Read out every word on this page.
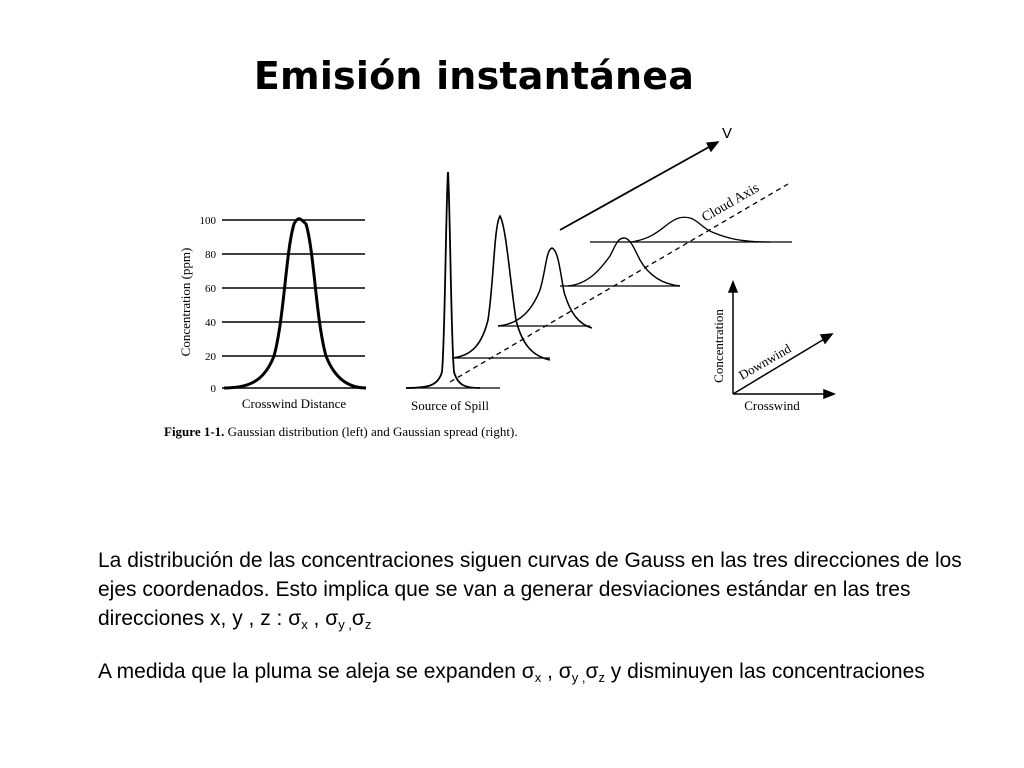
Emisión instantánea
100
80
60
40
20
0
Concentration (ppm)
Crosswind Distance
V
Cloud Axis
Source of Spill
Concentration Downwind
Crosswind
Figure 1-1. Gaussian distribution (left) and Gaussian spread (right).
La distribución de las concentraciones siguen curvas de Gauss en las tres direcciones de los ejes coordenados. Esto implica que se van a generar desviaciones estándar en las tres direcciones x, y , z : $\sigma_x$ , $\sigma_y$ $_,\sigma_z$
A medida que la pluma se aleja se expanden $\sigma_x$ , $\sigma_y$ $_,\sigma_z$ y disminuyen las concentraciones
